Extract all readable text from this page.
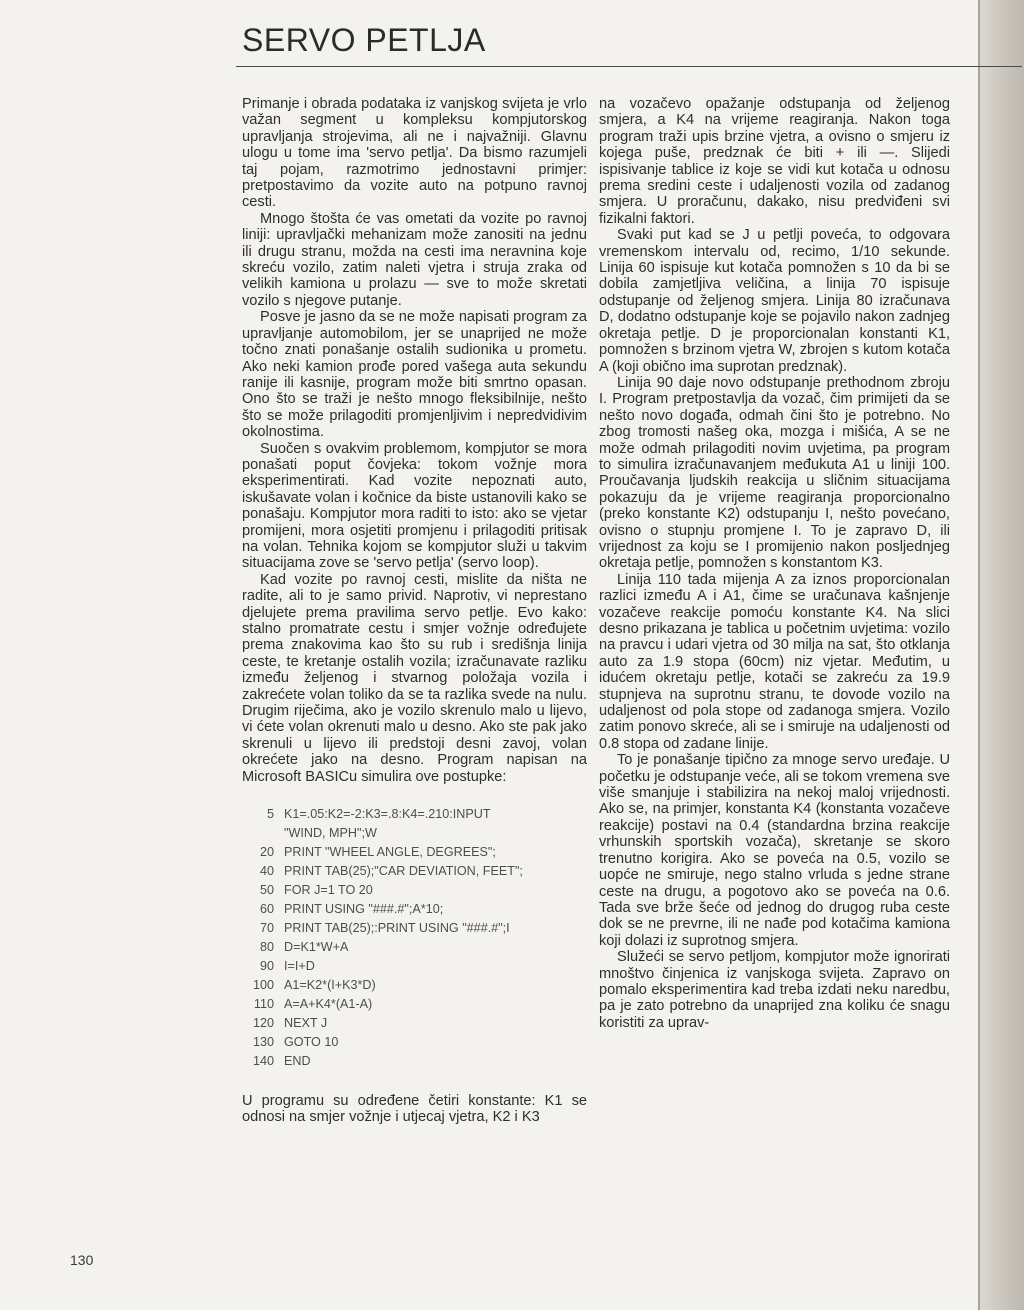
SERVO PETLJA

Primanje i obrada podataka iz vanjskog svijeta je vrlo važan segment u kompleksu kompjutorskog upravljanja strojevima, ali ne i najvažniji. Glavnu ulogu u tome ima 'servo petlja'. Da bismo razumjeli taj pojam, razmotrimo jednostavni primjer: pretpostavimo da vozite auto na potpuno ravnoj cesti.

Mnogo štošta će vas ometati da vozite po ravnoj liniji: upravljački mehanizam može zanositi na jednu ili drugu stranu, možda na cesti ima neravnina koje skreću vozilo, zatim naleti vjetra i struja zraka od velikih kamiona u prolazu — sve to može skretati vozilo s njegove putanje.

Posve je jasno da se ne može napisati program za upravljanje automobilom, jer se unaprijed ne može točno znati ponašanje ostalih sudionika u prometu. Ako neki kamion prođe pored vašega auta sekundu ranije ili kasnije, program može biti smrtno opasan. Ono što se traži je nešto mnogo fleksibilnije, nešto što se može prilagoditi promjenljivim i nepredvidivim okolnostima.

Suočen s ovakvim problemom, kompjutor se mora ponašati poput čovjeka: tokom vožnje mora eksperimentirati. Kad vozite nepoznati auto, iskušavate volan i kočnice da biste ustanovili kako se ponašaju. Kompjutor mora raditi to isto: ako se vjetar promijeni, mora osjetiti promjenu i prilagoditi pritisak na volan. Tehnika kojom se kompjutor služi u takvim situacijama zove se 'servo petlja' (servo loop).

Kad vozite po ravnoj cesti, mislite da ništa ne radite, ali to je samo privid. Naprotiv, vi neprestano djelujete prema pravilima servo petlje. Evo kako: stalno promatrate cestu i smjer vožnje određujete prema znakovima kao što su rub i središnja linija ceste, te kretanje ostalih vozila; izračunavate razliku između željenog i stvarnog položaja vozila i zakrećete volan toliko da se ta razlika svede na nulu. Drugim riječima, ako je vozilo skrenulo malo u lijevo, vi ćete volan okrenuti malo u desno. Ako ste pak jako skrenuli u lijevo ili predstoji desni zavoj, volan okrećete jako na desno. Program napisan na Microsoft BASICu simulira ove postupke:

5 K1=.05:K2=-2:K3=.8:K4=.210:INPUT
"WIND, MPH";W
20 PRINT "WHEEL ANGLE, DEGREES";
40 PRINT TAB(25);"CAR DEVIATION, FEET";
50 FOR J=1 TO 20
60 PRINT USING "###.#";A*10;
70 PRINT TAB(25);:PRINT USING "###.#";I
80 D=K1*W+A
90 I=I+D
100 A1=K2*(I+K3*D)
110 A=A+K4*(A1-A)
120 NEXT J
130 GOTO 10
140 END

U programu su određene četiri konstante: K1 se odnosi na smjer vožnje i utjecaj vjetra, K2 i K3

na vozačevo opažanje odstupanja od željenog smjera, a K4 na vrijeme reagiranja. Nakon toga program traži upis brzine vjetra, a ovisno o smjeru iz kojega puše, predznak će biti + ili —. Slijedi ispisivanje tablice iz koje se vidi kut kotača u odnosu prema sredini ceste i udaljenosti vozila od zadanog smjera. U proračunu, dakako, nisu predviđeni svi fizikalni faktori.

Svaki put kad se J u petlji poveća, to odgovara vremenskom intervalu od, recimo, 1/10 sekunde. Linija 60 ispisuje kut kotača pomnožen s 10 da bi se dobila zamjetljiva veličina, a linija 70 ispisuje odstupanje od željenog smjera. Linija 80 izračunava D, dodatno odstupanje koje se pojavilo nakon zadnjeg okretaja petlje. D je proporcionalan konstanti K1, pomnožen s brzinom vjetra W, zbrojen s kutom kotača A (koji obično ima suprotan predznak).

Linija 90 daje novo odstupanje prethodnom zbroju I. Program pretpostavlja da vozač, čim primijeti da se nešto novo događa, odmah čini što je potrebno. No zbog tromosti našeg oka, mozga i mišića, A se ne može odmah prilagoditi novim uvjetima, pa program to simulira izračunavanjem međukuta A1 u liniji 100. Proučavanja ljudskih reakcija u sličnim situacijama pokazuju da je vrijeme reagiranja proporcionalno (preko konstante K2) odstupanju I, nešto povećano, ovisno o stupnju promjene I. To je zapravo D, ili vrijednost za koju se I promijenio nakon posljednjeg okretaja petlje, pomnožen s konstantom K3.

Linija 110 tada mijenja A za iznos proporcionalan razlici između A i A1, čime se uračunava kašnjenje vozačeve reakcije pomoću konstante K4. Na slici desno prikazana je tablica u početnim uvjetima: vozilo na pravcu i udari vjetra od 30 milja na sat, što otklanja auto za 1.9 stopa (60cm) niz vjetar. Međutim, u idućem okretaju petlje, kotači se zakreću za 19.9 stupnjeva na suprotnu stranu, te dovode vozilo na udaljenost od pola stope od zadanoga smjera. Vozilo zatim ponovo skreće, ali se i smiruje na udaljenosti od 0.8 stopa od zadane linije.

To je ponašanje tipično za mnoge servo uređaje. U početku je odstupanje veće, ali se tokom vremena sve više smanjuje i stabilizira na nekoj maloj vrijednosti. Ako se, na primjer, konstanta K4 (konstanta vozačeve reakcije) postavi na 0.4 (standardna brzina reakcije vrhunskih sportskih vozača), skretanje se skoro trenutno korigira. Ako se poveća na 0.5, vozilo se uopće ne smiruje, nego stalno vrluda s jedne strane ceste na drugu, a pogotovo ako se poveća na 0.6. Tada sve brže šeće od jednog do drugog ruba ceste dok se ne prevrne, ili ne nađe pod kotačima kamiona koji dolazi iz suprotnog smjera.

Služeći se servo petljom, kompjutor može ignorirati mnoštvo činjenica iz vanjskoga svijeta. Zapravo on pomalo eksperimentira kad treba izdati neku naredbu, pa je zato potrebno da unaprijed zna koliku će snagu koristiti za uprav-

130
